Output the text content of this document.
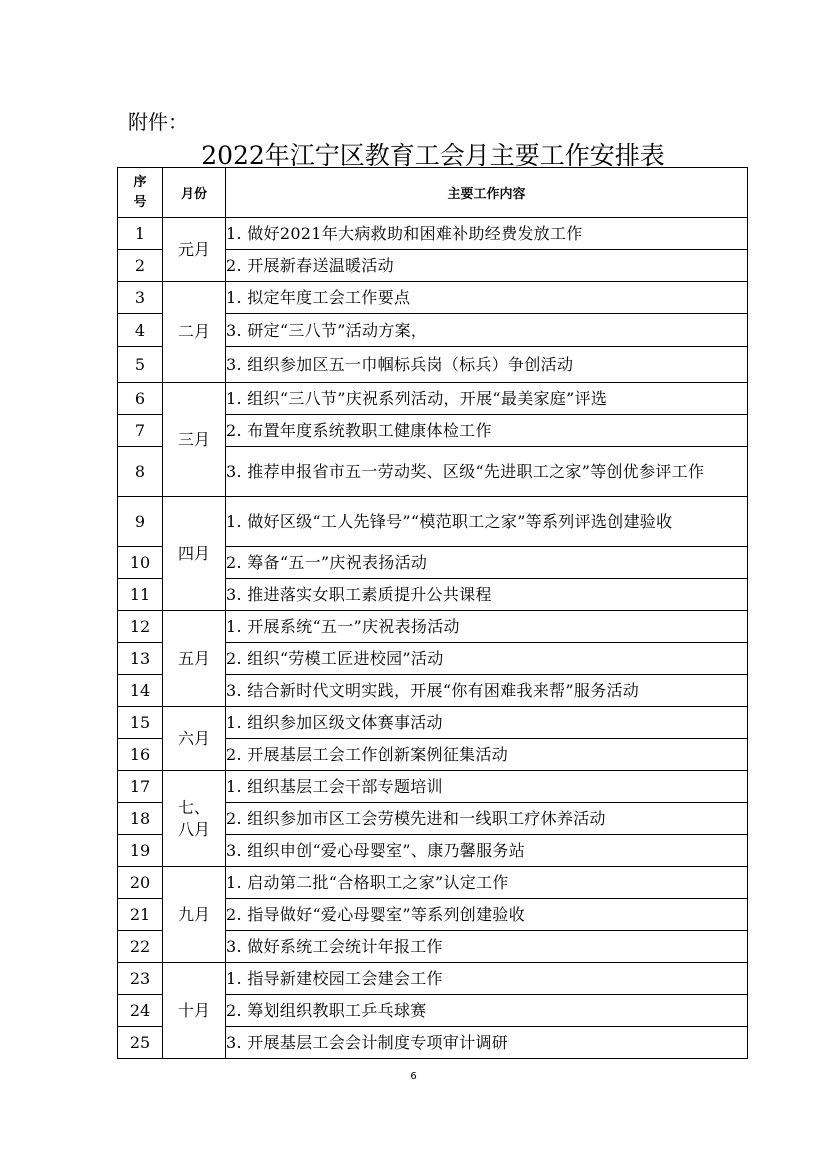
附件：
2022年江宁区教育工会月主要工作安排表
序号	月份	主要工作内容
1	元月	1. 做好2021年大病救助和困难补助经费发放工作
2		2. 开展新春送温暖活动
3	二月	1. 拟定年度工会工作要点
4		3. 研定“三八节”活动方案，
5		3. 组织参加区五一巾帼标兵岗（标兵）争创活动
6	三月	1. 组织“三八节”庆祝系列活动，开展“最美家庭”评选
7		2. 布置年度系统教职工健康体检工作
8		3. 推荐申报省市五一劳动奖、区级“先进职工之家”等创优参评工作
9	四月	1. 做好区级“工人先锋号”“模范职工之家”等系列评选创建验收
10		2. 筹备“五一”庆祝表扬活动
11		3. 推进落实女职工素质提升公共课程
12	五月	1. 开展系统“五一”庆祝表扬活动
13		2. 组织“劳模工匠进校园”活动
14		3. 结合新时代文明实践，开展“你有困难我来帮”服务活动
15	六月	1. 组织参加区级文体赛事活动
16		2. 开展基层工会工作创新案例征集活动
17	七、八月	1. 组织基层工会干部专题培训
18		2. 组织参加市区工会劳模先进和一线职工疗休养活动
19		3. 组织申创“爱心母婴室”、康乃馨服务站
20	九月	1. 启动第二批“合格职工之家”认定工作
21		2. 指导做好“爱心母婴室”等系列创建验收
22		3. 做好系统工会统计年报工作
23	十月	1. 指导新建校园工会建会工作
24		2. 筹划组织教职工乒乓球赛
25		3. 开展基层工会会计制度专项审计调研
6
